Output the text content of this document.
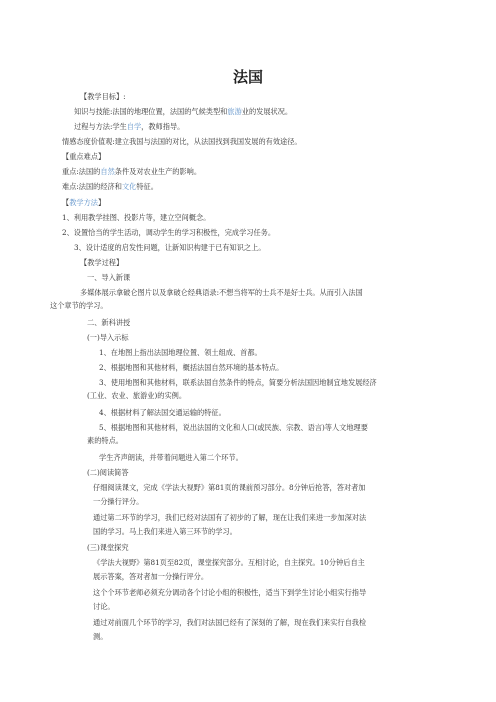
法国
【教学目标】:
知识与技能:法国的地理位置，法国的气候类型和旅游业的发展状况。
过程与方法:学生自学，教师指导。
情感态度价值观:建立我国与法国的对比，从法国找到我国发展的有效途径。
【重点难点】
重点:法国的自然条件及对农业生产的影响。
难点:法国的经济和文化特征。
【教学方法】
1、利用教学挂图、投影片等，建立空间概念。
2、设置恰当的学生活动，调动学生的学习积极性，完成学习任务。
3、设计适度的启发性问题，让新知识构建于已有知识之上。
【教学过程】
一、导入新课
多媒体展示拿破仑图片以及拿破仑经典语录:不想当将军的士兵不是好士兵。从而引入法国
这个章节的学习。
二、新科讲授
(一)导入示标
1、在地图上指出法国地理位置、领土组成、首都。
2、根据地图和其他材料，概括法国自然环境的基本特点。
3、使用地图和其他材料，联系法国自然条件的特点，简要分析法国因地制宜地发展经济
(工业、农业、旅游业)的实例。
4、根据材料了解法国交通运输的特征。
5、根据地图和其他材料，说出法国的文化和人口(或民族、宗教、语言)等人文地理要
素的特点。
学生齐声朗读，并带着问题进入第二个环节。
(二)阅读简答
仔细阅读课文，完成《学法大视野》第81页的课前预习部分。8分钟后抢答，答对者加
一分操行评分。
通过第二环节的学习，我们已经对法国有了初步的了解，现在让我们来进一步加深对法
国的学习。马上我们来进入第三环节的学习。
(三)课堂探究
《学法大视野》第81页至82页，课堂探究部分。互相讨论，自主探究。10分钟后自主
展示答案，答对者加一分操行评分。
这个个环节老师必须充分调动各个讨论小组的积极性，适当下到学生讨论小组实行指导
讨论。
通过对前面几个环节的学习，我们对法国已经有了深刻的了解，现在我们来实行自我检
测。
